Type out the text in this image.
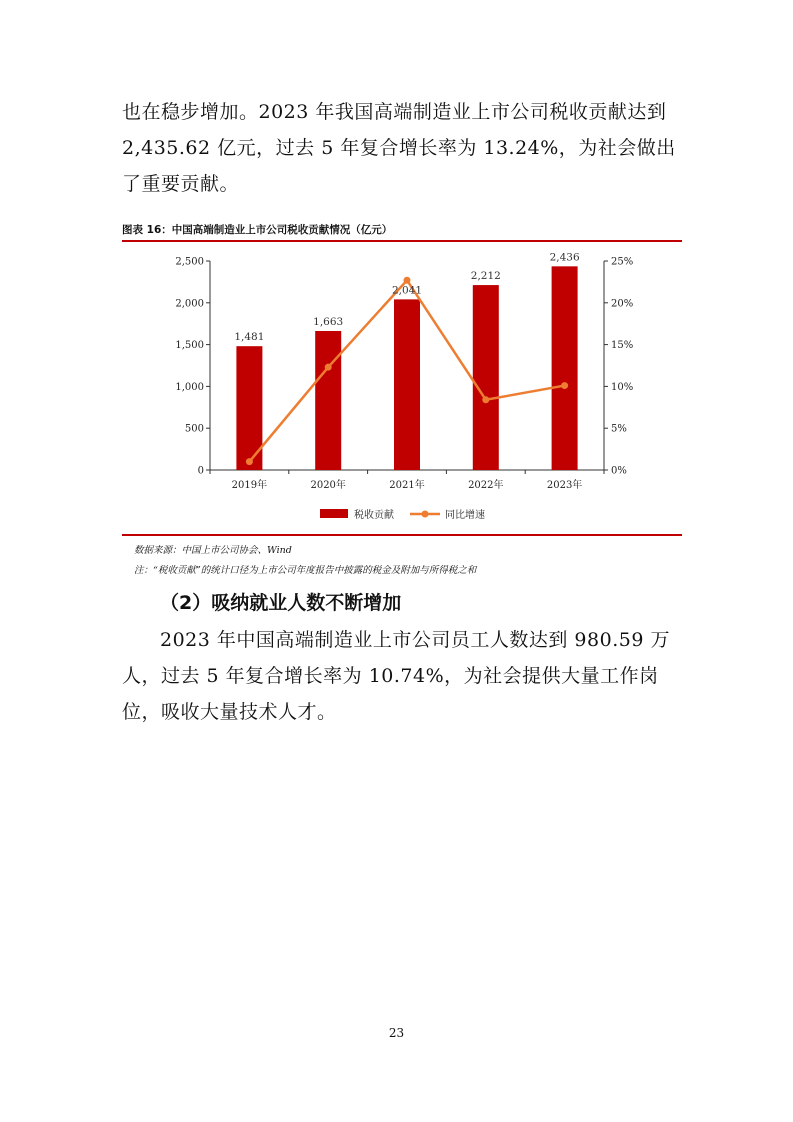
也在稳步增加。2023 年我国高端制造业上市公司税收贡献达到 2,435.62 亿元，过去 5 年复合增长率为 13.24%，为社会做出了重要贡献。

图表 16：中国高端制造业上市公司税收贡献情况（亿元）
0
500
1,000
1,500
2,000
2,500
0%
5%
10%
15%
20%
25%
2019年	2020年	2021年	2022年	2023年
1,481
1,663
2,041
2,212
2,436
税收贡献	同比增速
数据来源：中国上市公司协会、Wind
注：“税收贡献”的统计口径为上市公司年度报告中披露的税金及附加与所得税之和
（2）吸纳就业人数不断增加

2023 年中国高端制造业上市公司员工人数达到 980.59 万人，过去 5 年复合增长率为 10.74%，为社会提供大量工作岗位，吸收大量技术人才。

23
